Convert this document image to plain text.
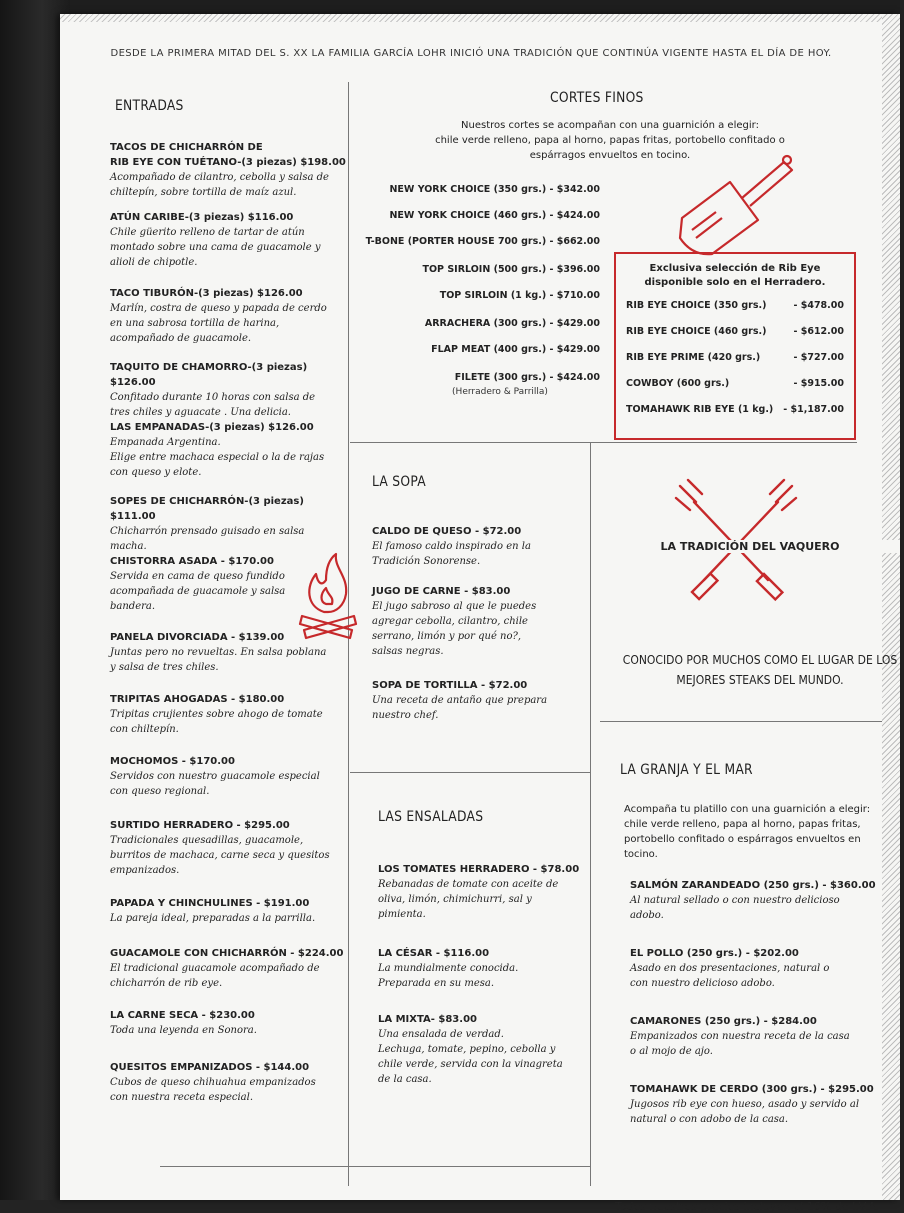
DESDE LA PRIMERA MITAD DEL S. XX LA FAMILIA GARCÍA LOHR INICIÓ UNA TRADICIÓN QUE CONTINÚA VIGENTE HASTA EL DÍA DE HOY.
ENTRADAS
TACOS DE CHICHARRÓN DE
RIB EYE CON TUÉTANO-(3 piezas) $198.00
Acompañado de cilantro, cebolla y salsa de
chiltepín, sobre tortilla de maíz azul.
ATÚN CARIBE-(3 piezas) $116.00
Chile güerito relleno de tartar de atún
montado sobre una cama de guacamole y
alioli de chipotle.
TACO TIBURÓN-(3 piezas) $126.00
Marlín, costra de queso y papada de cerdo
en una sabrosa tortilla de harina,
acompañado de guacamole.
TAQUITO DE CHAMORRO-(3 piezas) $126.00
Confitado durante 10 horas con salsa de
tres chiles y aguacate . Una delicia.
LAS EMPANADAS-(3 piezas) $126.00
Empanada Argentina.
Elige entre machaca especial o la de rajas
con queso y elote.
SOPES DE CHICHARRÓN-(3 piezas) $111.00
Chicharrón prensado guisado en salsa
macha.
CHISTORRA ASADA - $170.00
Servida en cama de queso fundido
acompañada de guacamole y salsa
bandera.
PANELA DIVORCIADA - $139.00
Juntas pero no revueltas. En salsa poblana
y salsa de tres chiles.
TRIPITAS AHOGADAS - $180.00
Tripitas crujientes sobre ahogo de tomate
con chiltepín.
MOCHOMOS - $170.00
Servidos con nuestro guacamole especial
con queso regional.
SURTIDO HERRADERO - $295.00
Tradicionales quesadillas, guacamole,
burritos de machaca, carne seca y quesitos
empanizados.
PAPADA Y CHINCHULINES - $191.00
La pareja ideal, preparadas a la parrilla.
GUACAMOLE CON CHICHARRÓN - $224.00
El tradicional guacamole acompañado de
chicharrón de rib eye.
LA CARNE SECA - $230.00
Toda una leyenda en Sonora.
QUESITOS EMPANIZADOS - $144.00
Cubos de queso chihuahua empanizados
con nuestra receta especial.
CORTES FINOS
Nuestros cortes se acompañan con una guarnición a elegir:
chile verde relleno, papa al horno, papas fritas, portobello confitado o
espárragos envueltos en tocino.
NEW YORK CHOICE (350 grs.) - $342.00
NEW YORK CHOICE (460 grs.) - $424.00
T-BONE (PORTER HOUSE 700 grs.) - $662.00
TOP SIRLOIN (500 grs.) - $396.00
TOP SIRLOIN (1 kg.) - $710.00
ARRACHERA (300 grs.) - $429.00
FLAP MEAT (400 grs.) - $429.00
FILETE (300 grs.) - $424.00
(Herradero & Parrilla)
Exclusiva selección de Rib Eye
disponible solo en el Herradero.
RIB EYE CHOICE (350 grs.)	- $478.00
RIB EYE CHOICE (460 grs.)	- $612.00
RIB EYE PRIME (420 grs.)	- $727.00
COWBOY (600 grs.)	- $915.00
TOMAHAWK RIB EYE (1 kg.) - $1,187.00
LA SOPA
CALDO DE QUESO - $72.00
El famoso caldo inspirado en la
Tradición Sonorense.
JUGO DE CARNE - $83.00
El jugo sabroso al que le puedes
agregar cebolla, cilantro, chile
serrano, limón y por qué no?,
salsas negras.
SOPA DE TORTILLA - $72.00
Una receta de antaño que prepara
nuestro chef.
LA TRADICIÓN DEL VAQUERO
CONOCIDO POR MUCHOS COMO EL LUGAR DE LOS
MEJORES STEAKS DEL MUNDO.
LAS ENSALADAS
LOS TOMATES HERRADERO - $78.00
Rebanadas de tomate con aceite de
oliva, limón, chimichurri, sal y
pimienta.
LA CÉSAR - $116.00
La mundialmente conocida.
Preparada en su mesa.
LA MIXTA- $83.00
Una ensalada de verdad.
Lechuga, tomate, pepino, cebolla y
chile verde, servida con la vinagreta
de la casa.
LA GRANJA Y EL MAR
Acompaña tu platillo con una guarnición a elegir:
chile verde relleno, papa al horno, papas fritas,
portobello confitado o espárragos envueltos en
tocino.
SALMÓN ZARANDEADO (250 grs.) - $360.00
Al natural sellado o con nuestro delicioso
adobo.
EL POLLO (250 grs.) - $202.00
Asado en dos presentaciones, natural o
con nuestro delicioso adobo.
CAMARONES (250 grs.) - $284.00
Empanizados con nuestra receta de la casa
o al mojo de ajo.
TOMAHAWK DE CERDO (300 grs.) - $295.00
Jugosos rib eye con hueso, asado y servido al
natural o con adobo de la casa.
Todos nuestros precios incluyen el 16% de I.V.A.
